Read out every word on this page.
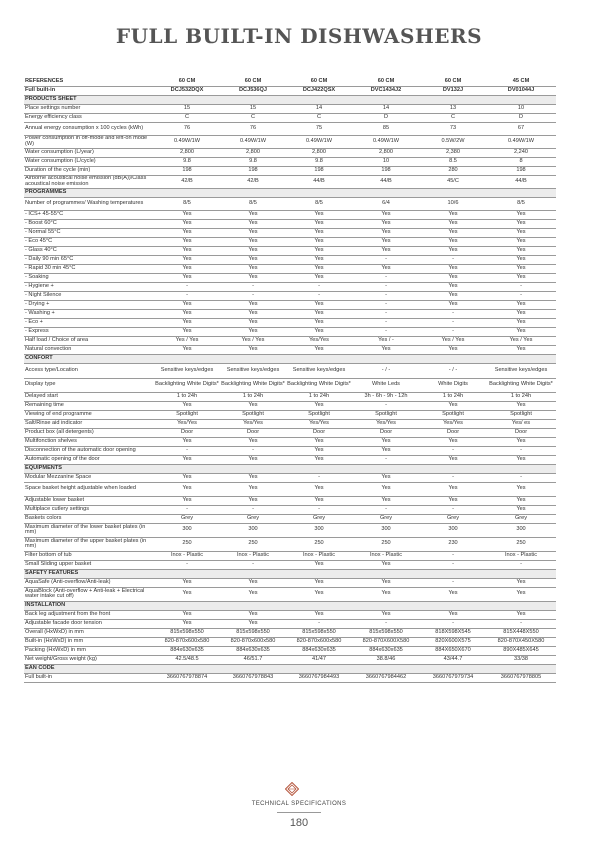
FULL BUILT-IN DISHWASHERS
REFERENCES	60 CM	60 CM	60 CM	60 CM	60 CM	45 CM
Full built-in	DCJ532DQX	DCJ536QJ	DCJ422QSX	DVC1434J2	DV132J	DV01044J
PRODUCTS SHEET						
Place settings number	15	15	14	14	13	10
Energy efficiency class	C	C	C	D	C	D
Annual energy consumption x 100 cycles (kWh)	76	76	75	85	73	67
Power consumption in off-mode and left-on mode (W)	0.49W/1W	0.49W/1W	0.49W/1W	0.49W/1W	0.5W/2W	0.49W/1W
Water consumption (L/year)	2,800	2,800	2,800	2,800	2,380	2,240
Water consumption (L/cycle)	9.8	9.8	9.8	10	8.5	8
Duration of the cycle (min)	198	198	198	198	280	198
Airborne acoustical noise emission (dB(A))/Class acoustical noise emission	42/B	42/B	44/B	44/B	45/C	44/B
PROGRAMMES						
Number of programmes/ Washing temperatures	8/5	8/5	8/5	6/4	10/6	8/5
- ICS+ 45-55°C	Yes	Yes	Yes	Yes	Yes	Yes
- Boost 60°C	Yes	Yes	Yes	Yes	Yes	Yes
- Normal 55°C	Yes	Yes	Yes	Yes	Yes	Yes
- Eco 45°C	Yes	Yes	Yes	Yes	Yes	Yes
- Glass 40°C	Yes	Yes	Yes	Yes	Yes	Yes
- Daily 90 min 65°C	Yes	Yes	Yes	-	-	Yes
- Rapid 30 min 45°C	Yes	Yes	Yes	Yes	Yes	Yes
- Soaking	Yes	Yes	Yes	-	Yes	Yes
- Hygiene +	-	-	-	-	Yes	-
- Night Silence	-	-	-	-	Yes	-
- Drying +	Yes	Yes	Yes	-	Yes	Yes
- Washing +	Yes	Yes	Yes	-	-	Yes
- Eco +	Yes	Yes	Yes	-	-	Yes
- Express	Yes	Yes	Yes	-	-	Yes
Half load / Choice of area	Yes / Yes	Yes / Yes	Yes/Yes	Yes / -	Yes / Yes	Yes / Yes
Natural convection	Yes	Yes	Yes	Yes	Yes	Yes
CONFORT						
Access type/Location	Sensitive keys/edges	Sensitive keys/edges	Sensitive keys/edges	- / -	- / -	Sensitive keys/edges
Display type	Backlighting White Digits*	Backlighting White Digits*	Backlighting White Digits*	White Leds	White Digits	Backlighting White Digits*
Delayed start	1 to 24h	1 to 24h	1 to 24h	3h - 6h - 9h - 12h	1 to 24h	1 to 24h
Remaining time	Yes	Yes	Yes	-	Yes	Yes
Viewing of end programme	Spotlight	Spotlight	Spotlight	Spotlight	Spotlight	Spotlight
Salt/Rinse aid indicator	Yes/Yes	Yes/Yes	Yes/Yes	Yes/Yes	Yes/Yes	Yes/ es
Product box (all detergents)	Door	Door	Door	Door	Door	Door
Multifonction shelves	Yes	Yes	Yes	Yes	Yes	Yes
Disconnection of the automatic door opening	-	-	Yes	Yes	-	-
Automatic opening of the door	Yes	Yes	Yes	-	Yes	Yes
EQUIPMENTS						
Modular Mezzanine Space	Yes	Yes	-	Yes	-	-
Space basket height adjustable when loaded	Yes	Yes	Yes	Yes	Yes	Yes
Adjustable lower basket	Yes	Yes	Yes	Yes	Yes	Yes
Multiplace cutlery settings	-	-	-	-	-	Yes
Baskets colors	Grey	Grey	Grey	Grey	Grey	Grey
Maximum diameter of the lower basket plates (in mm)	300	300	300	300	300	300
Maximum diameter of the upper basket plates (in mm)	250	250	250	250	230	250
Filter bottom of tub	Inox - Plastic	Inox - Plastic	Inox - Plastic	Inox - Plastic	-	Inox - Plastic
Small Sliding upper basket	-	-	Yes	Yes	-	-
SAFETY FEATURES						
AquaSafe (Anti-overflow/Anti-leak)	Yes	Yes	Yes	Yes	-	Yes
AquaBlock (Anti-overflow + Anti-leak + Electrical water intake cut off)	Yes	Yes	Yes	Yes	Yes	Yes
INSTALLATION						
Back leg adjustment from the front	Yes	Yes	Yes	Yes	Yes	Yes
Adjustable facade door tension	Yes	Yes	-	-	-	-
Overall (HxWxD) in mm	815x598x550	815x598x550	815x598x550	815x598x550	818X598X545	815X448X550
Built-in (HxWxD) in mm	820-870x600x580	820-870x600x580	820-870x600x580	820-870X600X580	820X600X575	820-870X450X580
Packing (HxWxD) in mm	884x630x635	884x630x635	884x630x635	884x630x635	884X650X670	890X485X645
Net weight/Gross weight (kg)	42.5/48.5	46/51.7	41/47	38.8/46	43/44.7	33/38
EAN CODE						
Full built-in	3660767978874	3660767978843	3660767984493	3660767984462	3660767979734	3660767978805
TECHNICAL SPECIFICATIONS
180
